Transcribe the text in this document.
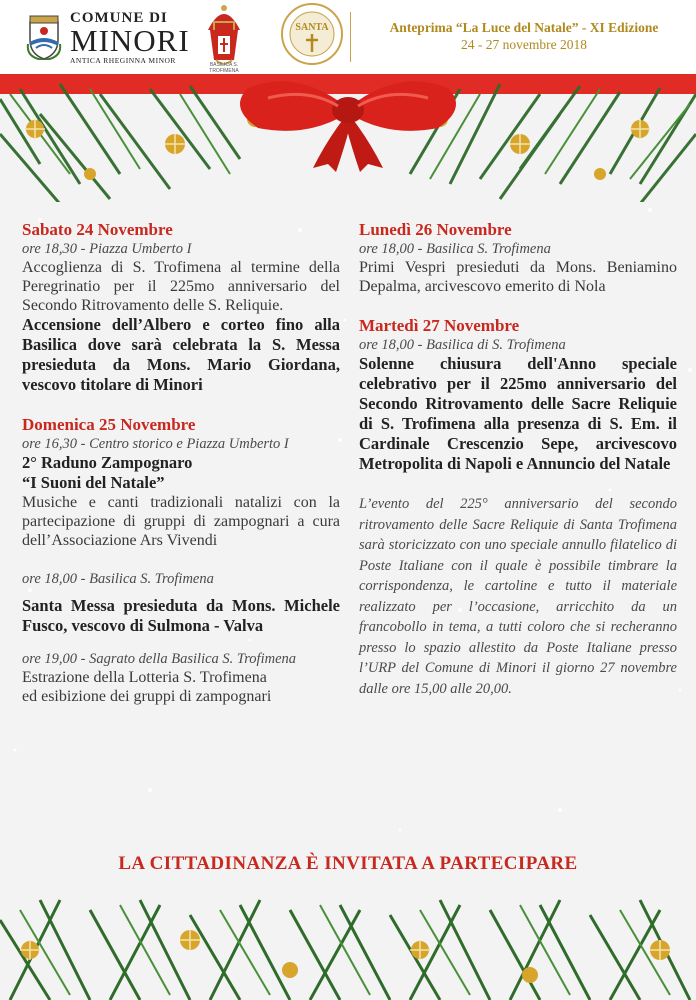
COMUNE DI
MINORI
ANTICA RHEGINNA MINOR	BASILICA S. TROFIMENA
SANTA	Anteprima “La Luce del Natale” - XI Edizione
24 - 27 novembre 2018
Sabato 24 Novembre
ore 18,30 - Piazza Umberto I
Accoglienza di S. Trofimena al termine della Peregrinatio per il 225mo anniversario del Secondo Ritrovamento delle S. Reliquie.
Accensione dell’Albero e corteo fino alla Basilica dove sarà celebrata la S. Messa presieduta da Mons. Mario Giordana, vescovo titolare di Minori
Domenica 25 Novembre
ore 16,30 - Centro storico e Piazza Umberto I
2° Raduno Zampognaro
“I Suoni del Natale”
Musiche e canti tradizionali natalizi con la partecipazione di gruppi di zampognari a cura dell’Associazione Ars Vivendi
ore 18,00 - Basilica S. Trofimena
Santa Messa presieduta da Mons. Michele Fusco, vescovo di Sulmona - Valva
ore 19,00 - Sagrato della Basilica S. Trofimena
Estrazione della Lotteria S. Trofimena
ed esibizione dei gruppi di zampognari
Lunedì 26 Novembre
ore 18,00 - Basilica S. Trofimena
Primi Vespri presieduti da Mons. Beniamino Depalma, arcivescovo emerito di Nola
Martedì 27 Novembre
ore 18,00 - Basilica di S. Trofimena
Solenne chiusura dell'Anno speciale celebrativo per il 225mo anniversario del Secondo Ritrovamento delle Sacre Reliquie di S. Trofimena alla presenza di S. Em. il Cardinale Crescenzio Sepe, arcivescovo Metropolita di Napoli e Annuncio del Natale
L’evento del 225° anniversario del secondo ritrovamento delle Sacre Reliquie di Santa Trofimena sarà storicizzato con uno speciale annullo filatelico di Poste Italiane con il quale è possibile timbrare la corrispondenza, le cartoline e tutto il materiale realizzato per l’occasione, arricchito da un francobollo in tema, a tutti coloro che si recheranno presso lo spazio allestito da Poste Italiane presso l’URP del Comune di Minori il giorno 27 novembre dalle ore 15,00 alle 20,00.
LA CITTADINANZA È INVITATA A PARTECIPARE
